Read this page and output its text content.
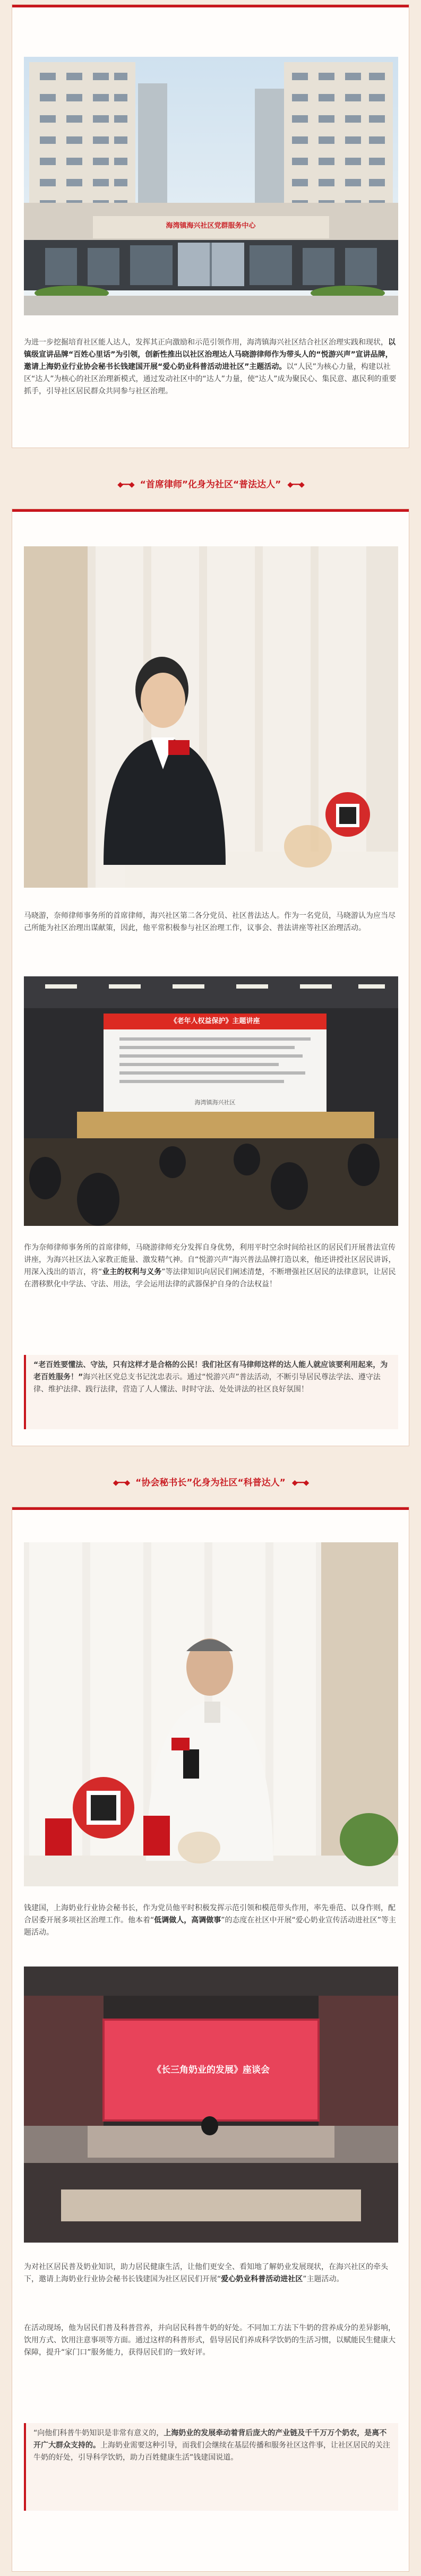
海湾镇海兴社区党群服务中心

为进一步挖掘培育社区能人达人，发挥其正向激励和示范引领作用，海湾镇海兴社区结合社区治理实践和现状，以镇级宣讲品牌“百姓心里话”为引领，创新性推出以社区治理达人马晓游律师作为带头人的“悦游兴声”宣讲品牌，邀请上海奶业行业协会秘书长钱建国开展“爱心奶业科普活动进社区”主题活动。以“人民”为核心力量，构建以社区“达人”为核心的社区治理新模式，通过发动社区中的“达人”力量，使“达人”成为聚民心、集民意、惠民利的重要抓手，引导社区居民群众共同参与社区治理。

◆━━◆ “首席律师”化身为社区“普法达人” ◆━━◆

马晓游，奈师律师事务所的首席律师，海兴社区第二各分党员、社区普法达人。作为一名党员，马晓游认为应当尽己所能为社区治理出谋献策，因此，他平常积极参与社区治理工作，议事会、普法讲座等社区治理活动。

《老年人权益保护》主题讲座
海湾镇海兴社区

作为奈师律师事务所的首席律师，马晓游律师充分发挥自身优势，利用平时空余时间给社区的居民们开展普法宣传讲座，为海兴社区法入家教正能量、激发精气神。自“悦游兴声”海兴普法品牌打造以来，他还讲授社区居民讲诉，用深入浅出的语言，将“业主的权利与义务”等法律知识向居民们阐述清楚，不断增强社区居民的法律意识，让居民在潜移默化中学法、守法、用法，学会运用法律的武器保护自身的合法权益！

“老百姓要懂法、守法，只有这样才是合格的公民！我们社区有马律师这样的达人能人就应该要利用起来，为老百姓服务！”海兴社区党总支书记沈忠表示。通过“悦游兴声”普法活动，不断引导居民尊法学法、遵守法律、维护法律、践行法律，营造了人人懂法、时时守法、处处讲法的社区良好氛围！
◆━━◆ “协会秘书长”化身为社区“科普达人” ◆━━◆

钱建国，上海奶业行业协会秘书长，作为党员他平时积极发挥示范引领和模范带头作用，率先垂范、以身作则，配合居委开展多项社区治理工作。他本着“低调做人，高调做事”的态度在社区中开展“爱心奶业宣传活动进社区”等主题活动。

《长三角奶业的发展》座谈会

为对社区居民普及奶业知识，助力居民健康生活，让他们更安全、看知地了解奶业发展现状，在海兴社区的牵头下，邀请上海奶业行业协会秘书长钱建国为社区居民们开展“爱心奶业科普活动进社区”主题活动。

在活动现场，他为居民们普及科普营养，并向居民科普牛奶的好处。不同加工方法下牛奶的营养成分的差异影响，饮用方式、饮用注意事项等方面。通过这样的科普形式，倡导居民们养成科学饮奶的生活习惯，以赋能民生健康大保障，提升“家门口”服务能力，获得居民们的一致好评。

“向他们科普牛奶知识是非常有意义的，上海奶业的发展牵动着背后庞大的产业链及千千万万个奶农，是离不开广大群众支持的。上海奶业需要这种引导，而我们会继续在基层传播和服务社区这件事，让社区居民的关注牛奶的好处，引导科学饮奶，助力百姓健康生活”钱建国说道。
